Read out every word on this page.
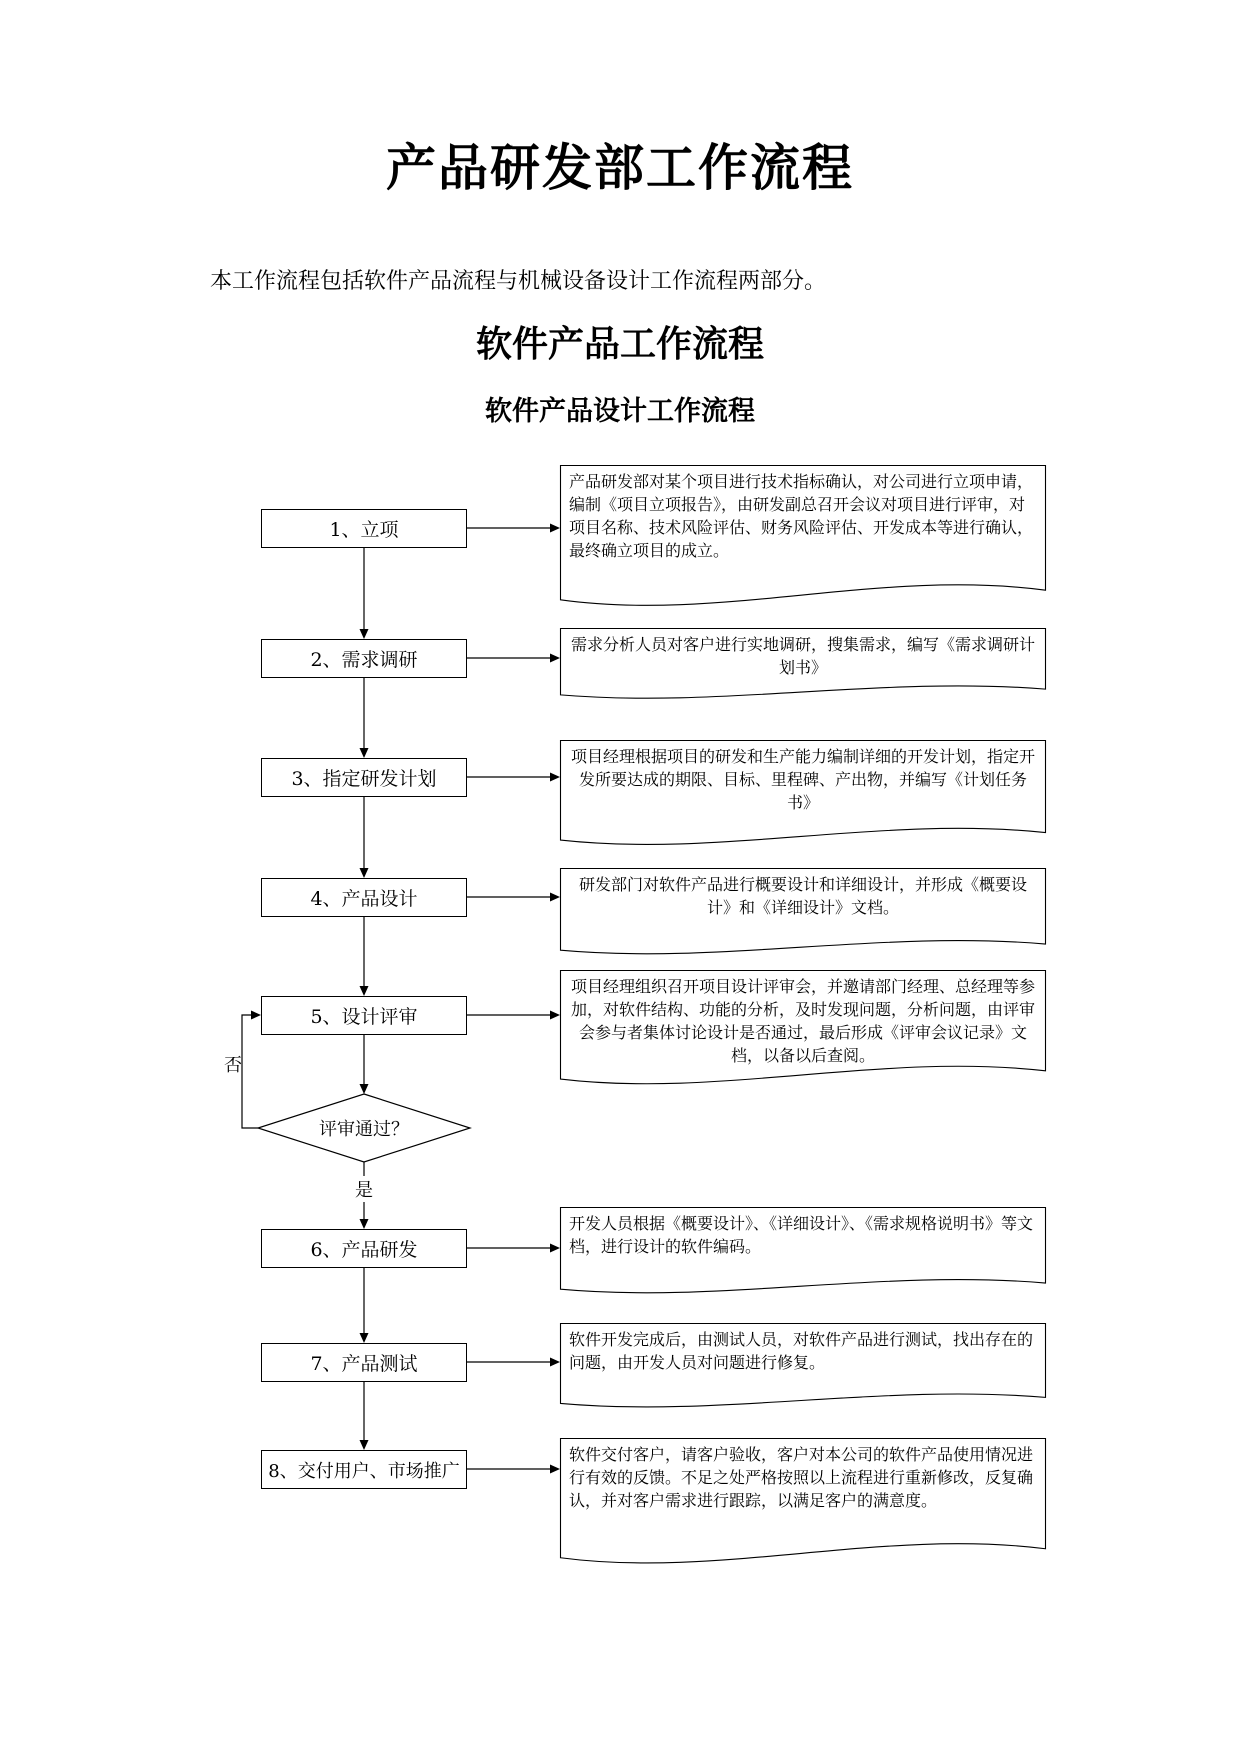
产品研发部工作流程
本工作流程包括软件产品流程与机械设备设计工作流程两部分。
软件产品工作流程
软件产品设计工作流程
1、立项
2、需求调研
3、指定研发计划
4、产品设计
5、设计评审
6、产品研发
7、产品测试
8、交付用户、市场推广
评审通过？
否
是
产品研发部对某个项目进行技术指标确认，对公司进行立项申请，编制《项目立项报告》，由研发副总召开会议对项目进行评审，对项目名称、技术风险评估、财务风险评估、开发成本等进行确认，最终确立项目的成立。
需求分析人员对客户进行实地调研，搜集需求，编写《需求调研计划书》
项目经理根据项目的研发和生产能力编制详细的开发计划，指定开发所要达成的期限、目标、里程碑、产出物，并编写《计划任务书》
研发部门对软件产品进行概要设计和详细设计，并形成《概要设计》和《详细设计》文档。
项目经理组织召开项目设计评审会，并邀请部门经理、总经理等参加，对软件结构、功能的分析，及时发现问题，分析问题，由评审会参与者集体讨论设计是否通过，最后形成《评审会议记录》文档，以备以后查阅。
开发人员根据《概要设计》、《详细设计》、《需求规格说明书》等文档，进行设计的软件编码。
软件开发完成后，由测试人员，对软件产品进行测试，找出存在的问题，由开发人员对问题进行修复。
软件交付客户，请客户验收，客户对本公司的软件产品使用情况进行有效的反馈。不足之处严格按照以上流程进行重新修改，反复确认，并对客户需求进行跟踪，以满足客户的满意度。
